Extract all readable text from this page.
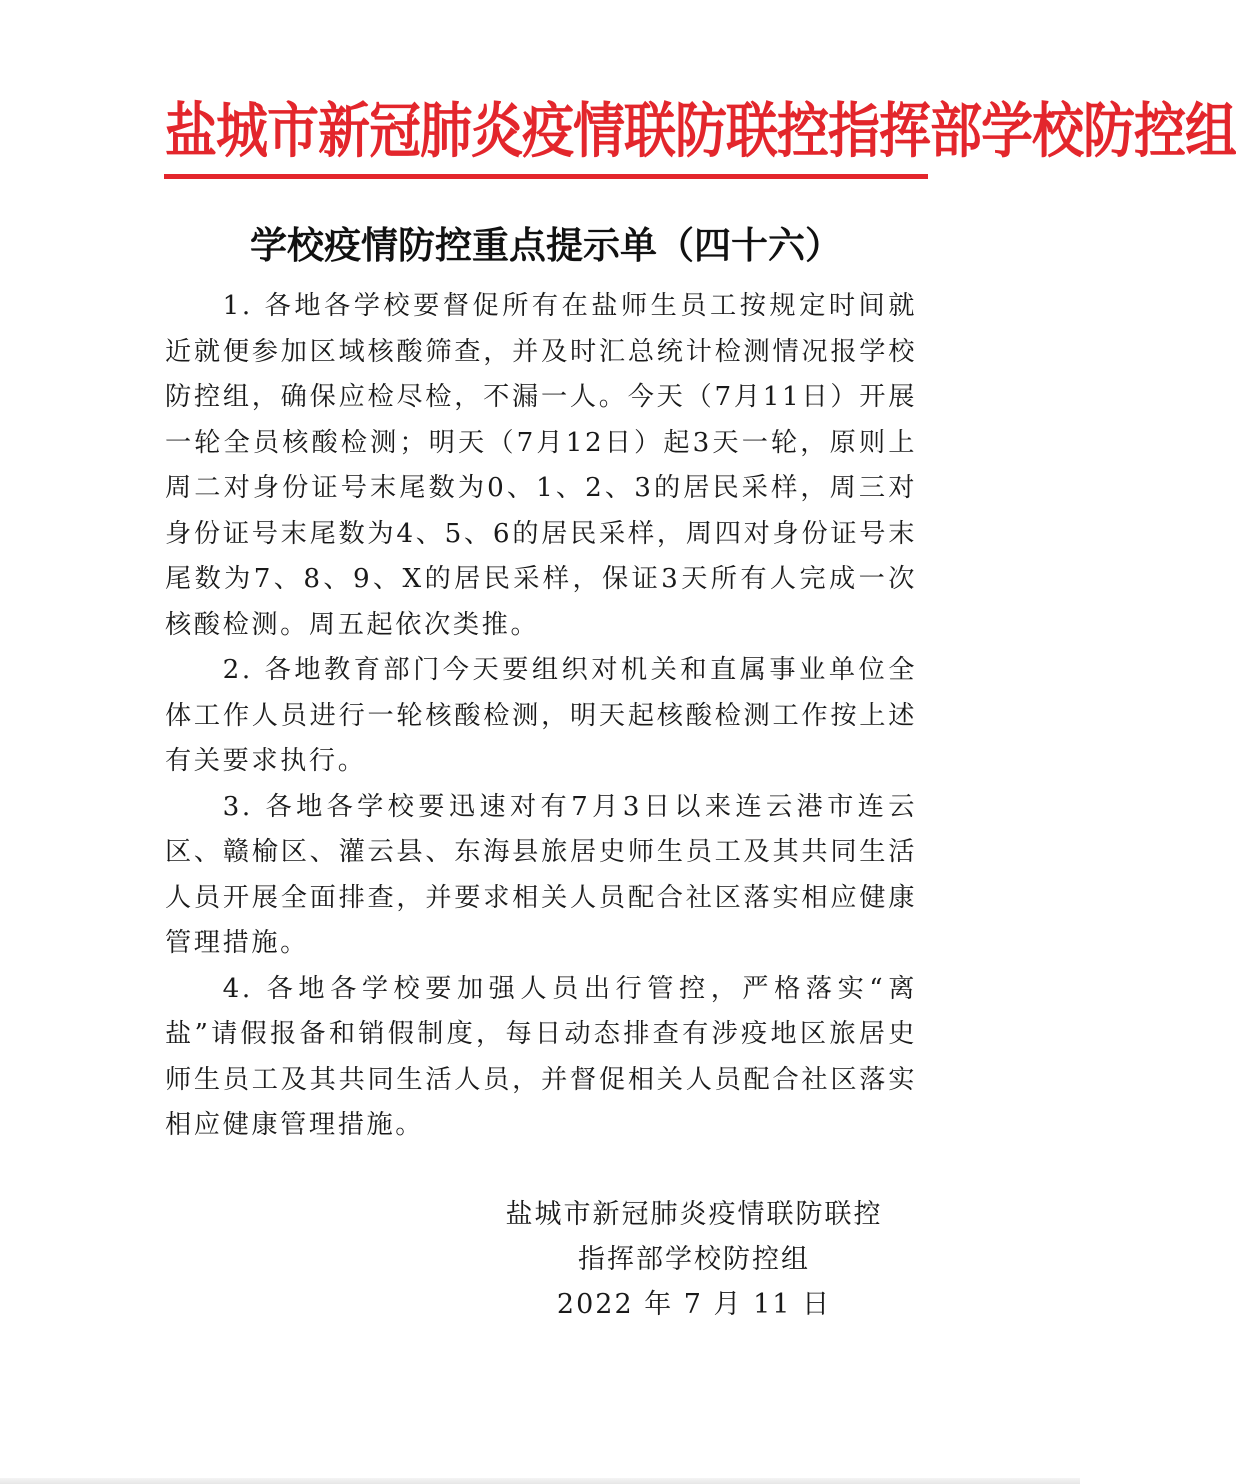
盐城市新冠肺炎疫情联防联控指挥部学校防控组
学校疫情防控重点提示单（四十六）

1. 各地各学校要督促所有在盐师生员工按规定时间就近就便参加区域核酸筛查，并及时汇总统计检测情况报学校防控组，确保应检尽检，不漏一人。今天（7月11日）开展一轮全员核酸检测；明天（7月12日）起3天一轮，原则上周二对身份证号末尾数为0、1、2、3的居民采样，周三对身份证号末尾数为4、5、6的居民采样，周四对身份证号末尾数为7、8、9、X的居民采样，保证3天所有人完成一次核酸检测。周五起依次类推。

2. 各地教育部门今天要组织对机关和直属事业单位全体工作人员进行一轮核酸检测，明天起核酸检测工作按上述有关要求执行。

3. 各地各学校要迅速对有7月3日以来连云港市连云区、赣榆区、灌云县、东海县旅居史师生员工及其共同生活人员开展全面排查，并要求相关人员配合社区落实相应健康管理措施。

4. 各地各学校要加强人员出行管控，严格落实“离盐”请假报备和销假制度，每日动态排查有涉疫地区旅居史师生员工及其共同生活人员，并督促相关人员配合社区落实相应健康管理措施。

盐城市新冠肺炎疫情联防联控
指挥部学校防控组
2022 年 7 月 11 日
